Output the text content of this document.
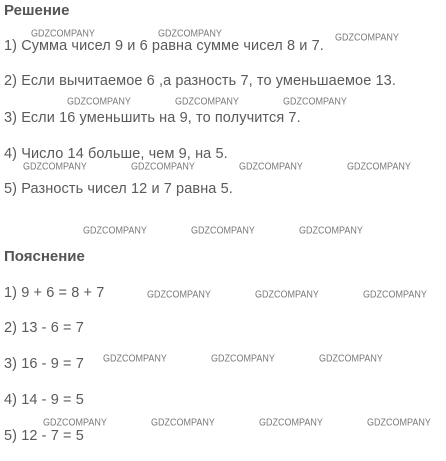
Решение
1) Сумма чисел 9 и 6 равна сумме чисел 8 и 7.
2) Если вычитаемое 6 ,а разность 7, то уменьшаемое 13.
3) Если 16 уменьшить на 9, то получится 7.
4) Число 14 больше, чем 9, на 5.
5) Разность чисел 12 и 7 равна 5.
Пояснение
1) 9 + 6 = 8 + 7
2) 13 - 6 = 7
3) 16 - 9 = 7
4) 14 - 9 = 5
5) 12 - 7 = 5
GDZCOMPANY	GDZCOMPANY	GDZCOMPANY
GDZCOMPANY	GDZCOMPANY	GDZCOMPANY
GDZCOMPANY	GDZCOMPANY	GDZCOMPANY	GDZCOMPANY
GDZCOMPANY	GDZCOMPANY	GDZCOMPANY
GDZCOMPANY	GDZCOMPANY	GDZCOMPANY
GDZCOMPANY	GDZCOMPANY	GDZCOMPANY
GDZCOMPANY	GDZCOMPANY	GDZCOMPANY	GDZCOMPANY
